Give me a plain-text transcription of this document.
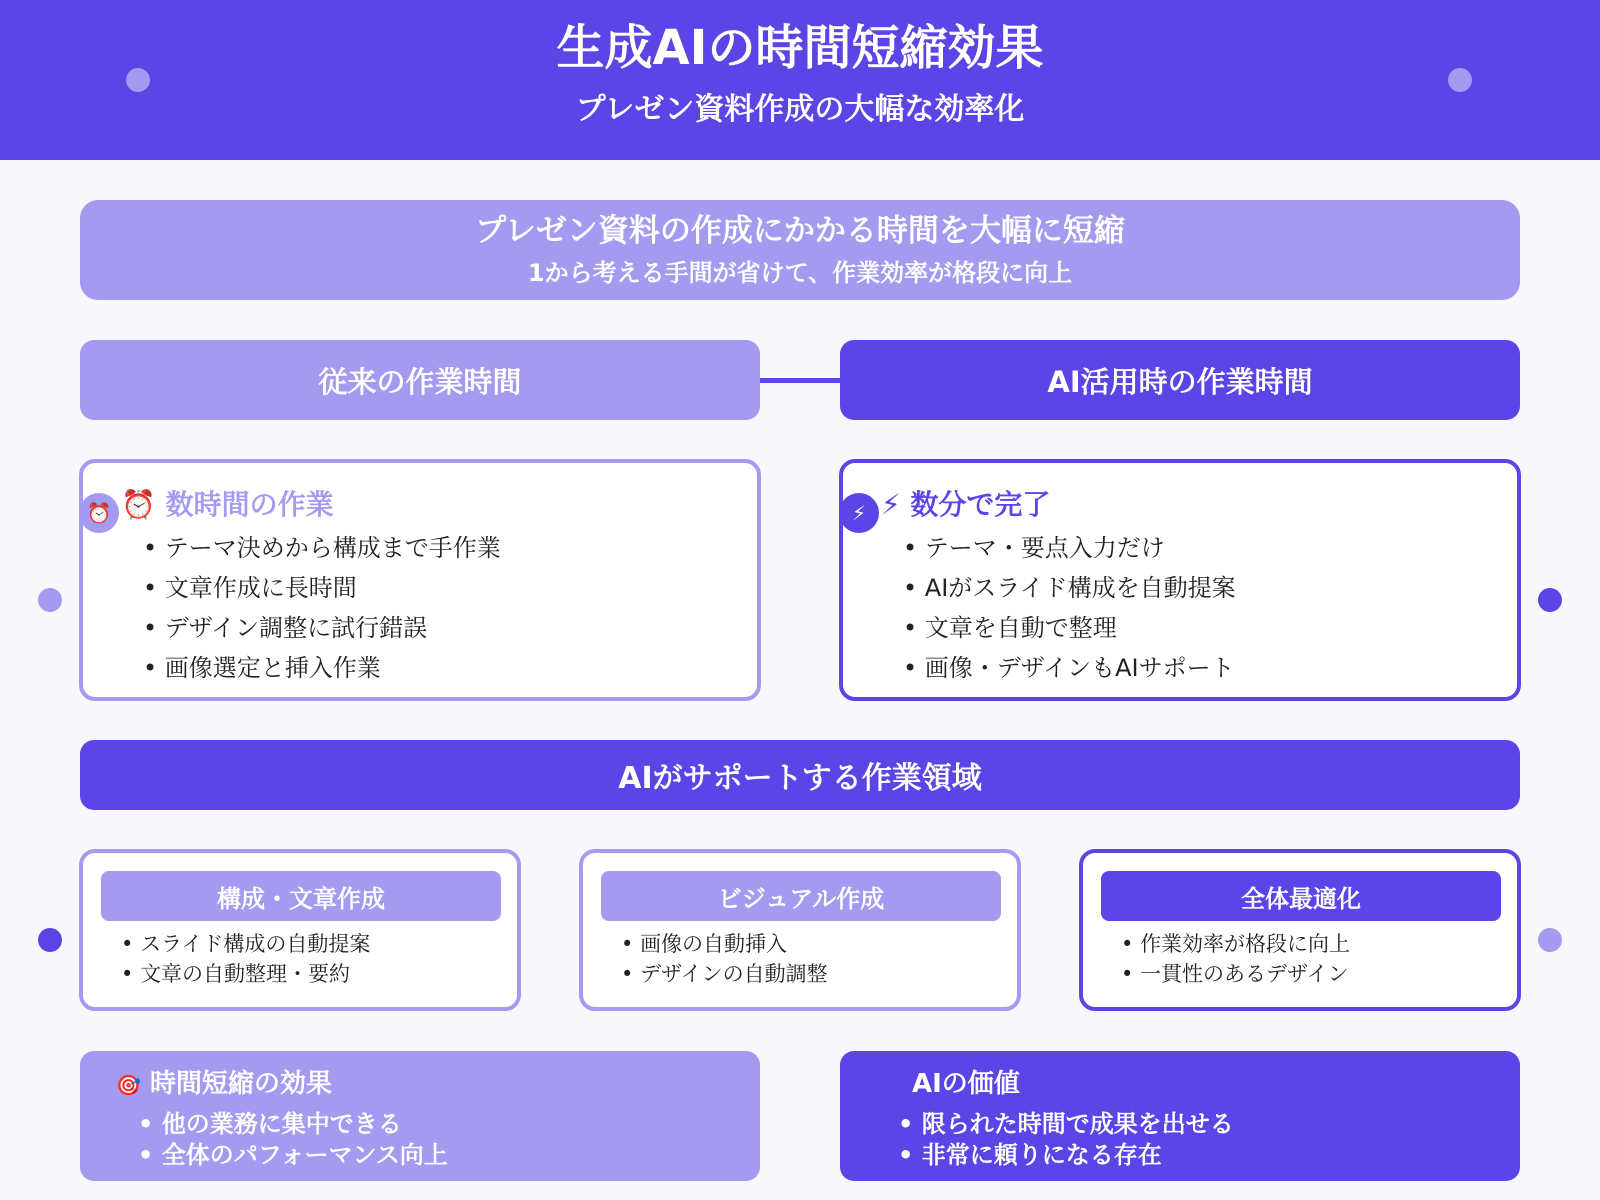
生成AIの時間短縮効果
プレゼン資料作成の大幅な効率化
プレゼン資料の作成にかかる時間を大幅に短縮
1から考える手間が省けて、作業効率が格段に向上
従来の作業時間	AI活用時の作業時間
⏰ ⏰ 数時間の作業
• テーマ決めから構成まで手作業
• 文章作成に長時間
• デザイン調整に試行錯誤
• 画像選定と挿入作業
⚡ ⚡ 数分で完了
• テーマ・要点入力だけ
• AIがスライド構成を自動提案
• 文章を自動で整理
• 画像・デザインもAIサポート
AIがサポートする作業領域
構成・文章作成
• スライド構成の自動提案
• 文章の自動整理・要約
ビジュアル作成
• 画像の自動挿入
• デザインの自動調整
全体最適化
• 作業効率が格段に向上
• 一貫性のあるデザイン
🎯 時間短縮の効果
• 他の業務に集中できる
• 全体のパフォーマンス向上
AIの価値
• 限られた時間で成果を出せる
• 非常に頼りになる存在
